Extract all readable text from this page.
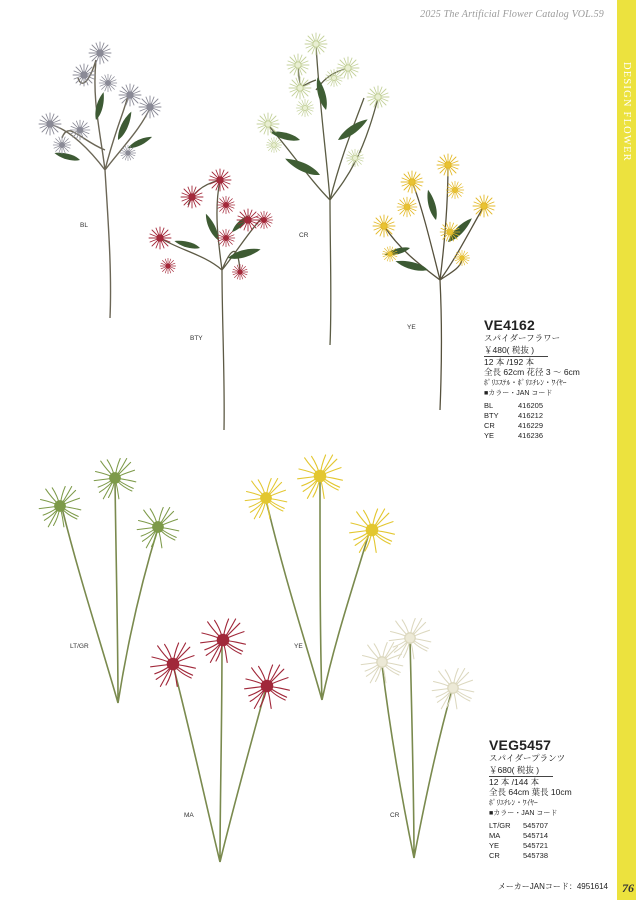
2025 The Artificial Flower Catalog VOL.59
DESIGN FLOWER
BL
BTY
CR
YE
LT/GR	YE
MA	CR
VE4162
スパイダーフラワー
￥480( 税抜 )
12 本 /192 本
全長 62cm 花径 3 〜 6cm
ﾎﾟﾘｴｽﾃﾙ・ﾎﾟﾘｴﾁﾚﾝ・ﾜｲﾔｰ
■カラー・JAN コード
BL	416205
BTY	416212
CR	416229
YE	416236
VEG5457
スパイダープランツ
￥680( 税抜 )
12 本 /144 本
全長 64cm 葉長 10cm
ﾎﾟﾘｴﾁﾚﾝ・ﾜｲﾔｰ
■カラー・JAN コード
LT/GR	545707
MA	545714
YE	545721
CR	545738
メーカーJANコード：4951614 76
